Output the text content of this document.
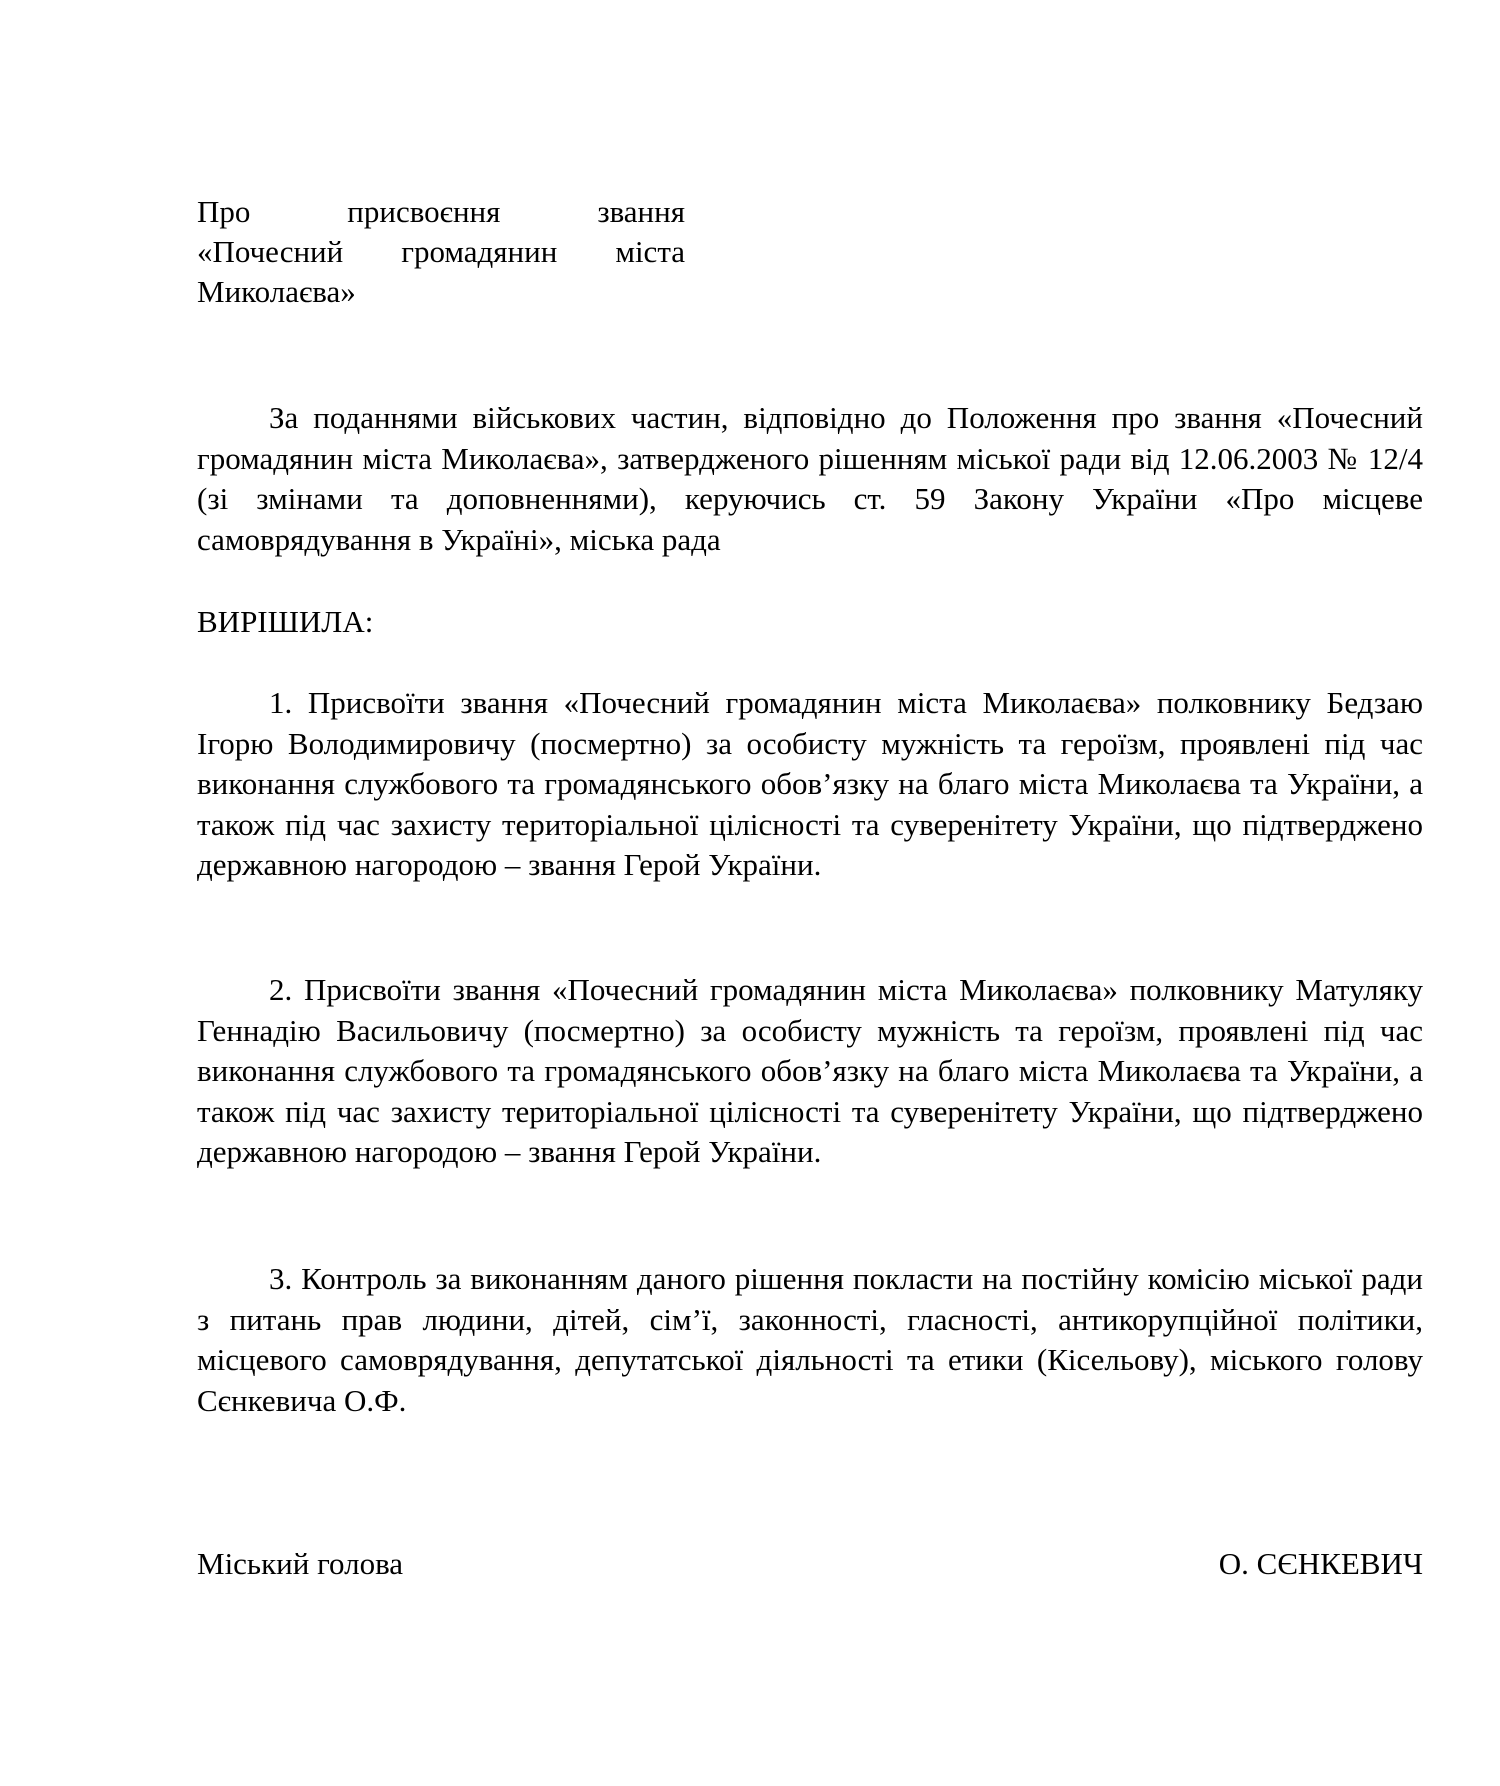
Про присвоєння звання
«Почесний громадянин міста
Миколаєва»

За поданнями військових частин, відповідно до Положення про звання «Почесний громадянин міста Миколаєва», затвердженого рішенням міської ради від 12.06.2003 № 12/4 (зі змінами та доповненнями), керуючись ст. 59 Закону України «Про місцеве самоврядування в Україні», міська рада

ВИРІШИЛА:

1. Присвоїти звання «Почесний громадянин міста Миколаєва» полковнику Бедзаю Ігорю Володимировичу (посмертно) за особисту мужність та героїзм, проявлені під час виконання службового та громадянського обов’язку на благо міста Миколаєва та України, а також під час захисту територіальної цілісності та суверенітету України, що підтверджено державною нагородою – звання Герой України.

2. Присвоїти звання «Почесний громадянин міста Миколаєва» полковнику Матуляку Геннадію Васильовичу (посмертно) за особисту мужність та героїзм, проявлені під час виконання службового та громадянського обов’язку на благо міста Миколаєва та України, а також під час захисту територіальної цілісності та суверенітету України, що підтверджено державною нагородою – звання Герой України.

3. Контроль за виконанням даного рішення покласти на постійну комісію міської ради з питань прав людини, дітей, сім’ї, законності, гласності, антикорупційної політики, місцевого самоврядування, депутатської діяльності та етики (Кісельову), міського голову Сєнкевича О.Ф.

Міський голова	О. СЄНКЕВИЧ
